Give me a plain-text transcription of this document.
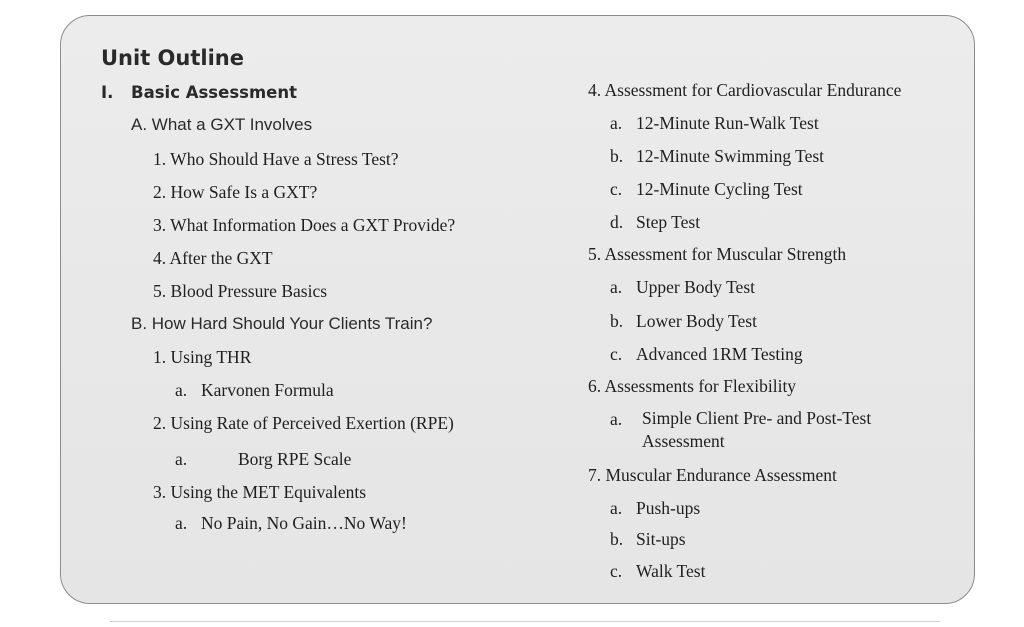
Unit Outline
I. Basic Assessment
A. What a GXT Involves
1. Who Should Have a Stress Test?
2. How Safe Is a GXT?
3. What Information Does a GXT Provide?
4. After the GXT
5. Blood Pressure Basics
B. How Hard Should Your Clients Train?
1. Using THR
a. Karvonen Formula
2. Using Rate of Perceived Exertion (RPE)
a.	Borg RPE Scale
3. Using the MET Equivalents
a. No Pain, No Gain…No Way!
4. Assessment for Cardiovascular Endurance
a. 12-Minute Run-Walk Test
b. 12-Minute Swimming Test
c. 12-Minute Cycling Test
d. Step Test
5. Assessment for Muscular Strength
a. Upper Body Test
b. Lower Body Test
c. Advanced 1RM Testing
6. Assessments for Flexibility
a. Simple Client Pre- and Post-Test Assessment
7. Muscular Endurance Assessment
a. Push-ups
b. Sit-ups
c. Walk Test
